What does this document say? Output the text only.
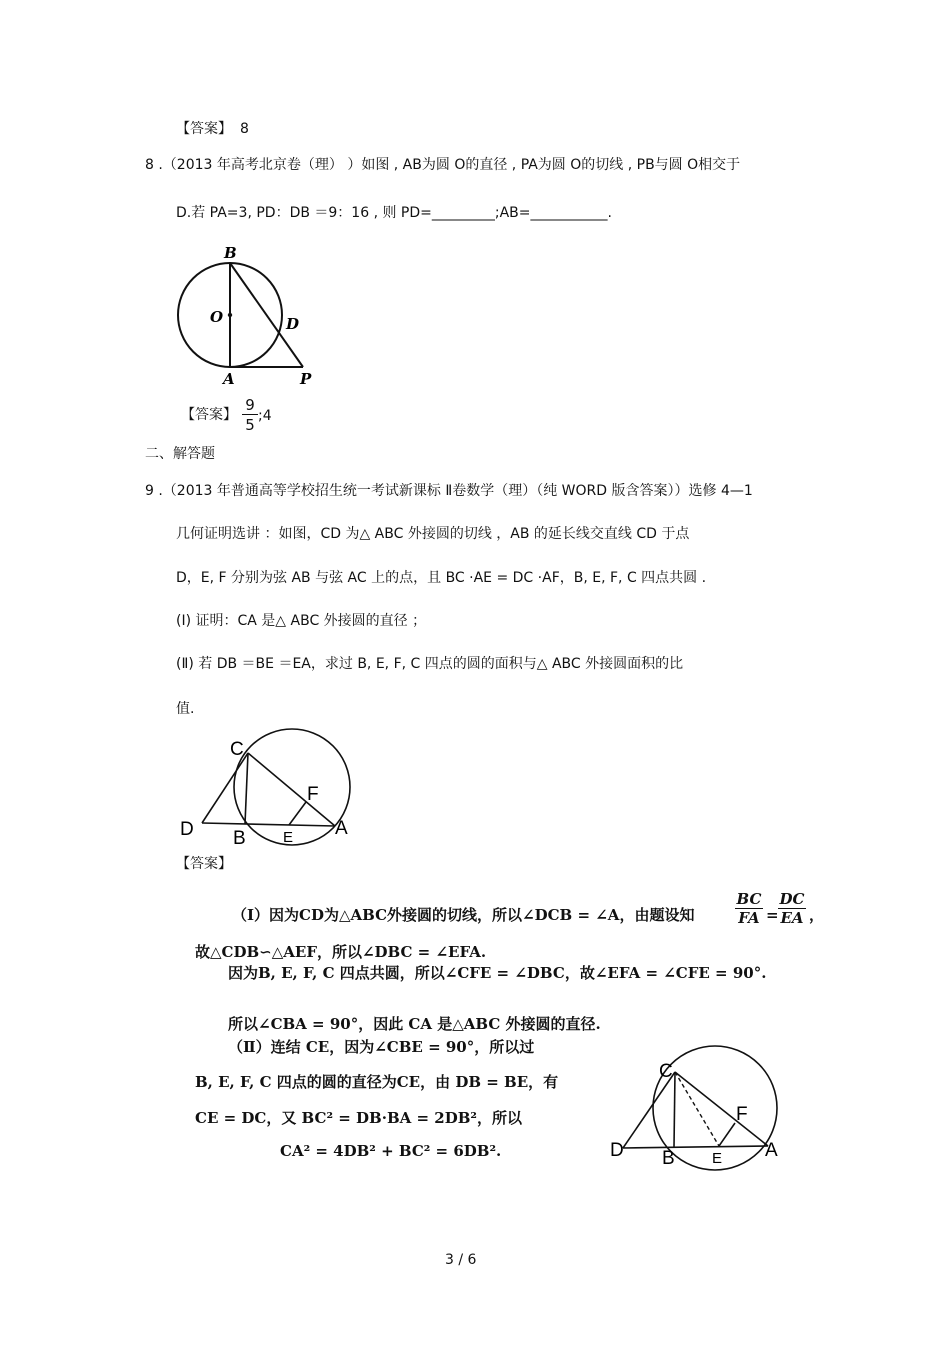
【答案】 8
8 .（2013 年高考北京卷（理） ）如图 , AB为圆 O的直径 , PA为圆 O的切线 , PB与圆 O相交于
D.若 PA=3, PD：DB ＝9：16 , 则 PD=_________;AB=___________.
B
O	D
A	P
【答案】
9
5 ;4
二、解答题
9 .（2013 年普通高等学校招生统一考试新课标 Ⅱ卷数学（理）（纯 WORD 版含答案））选修 4—1
几何证明选讲 ：如图，CD 为△ ABC 外接圆的切线 ，AB 的延长线交直线 CD 于点
D，E, F 分别为弦 AB 与弦 AC 上的点，且 BC ·AE = DC ·AF，B, E, F, C 四点共圆 .
(Ⅰ) 证明：CA 是△ ABC 外接圆的直径 ；
(Ⅱ) 若 DB ＝BE ＝EA，求过 B, E, F, C 四点的圆的面积与△ ABC 外接圆面积的比
值.
C
F
D B E A
【答案】
（Ⅰ）因为CD为△ABC外接圆的切线，所以∠DCB = ∠A，由题设知
BC
FA =
DC
EA ，
故△CDB∽△AEF，所以∠DBC = ∠EFA.
因为B, E, F, C 四点共圆，所以∠CFE = ∠DBC，故∠EFA = ∠CFE = 90°.
所以∠CBA = 90°，因此 CA 是△ABC 外接圆的直径.
（Ⅱ）连结 CE，因为∠CBE = 90°，所以过
B, E, F, C 四点的圆的直径为CE，由 DB = BE，有
CE = DC，又 BC² = DB·BA = 2DB²，所以
CA² = 4DB² + BC² = 6DB².
C
F
D B E A
3 / 6
